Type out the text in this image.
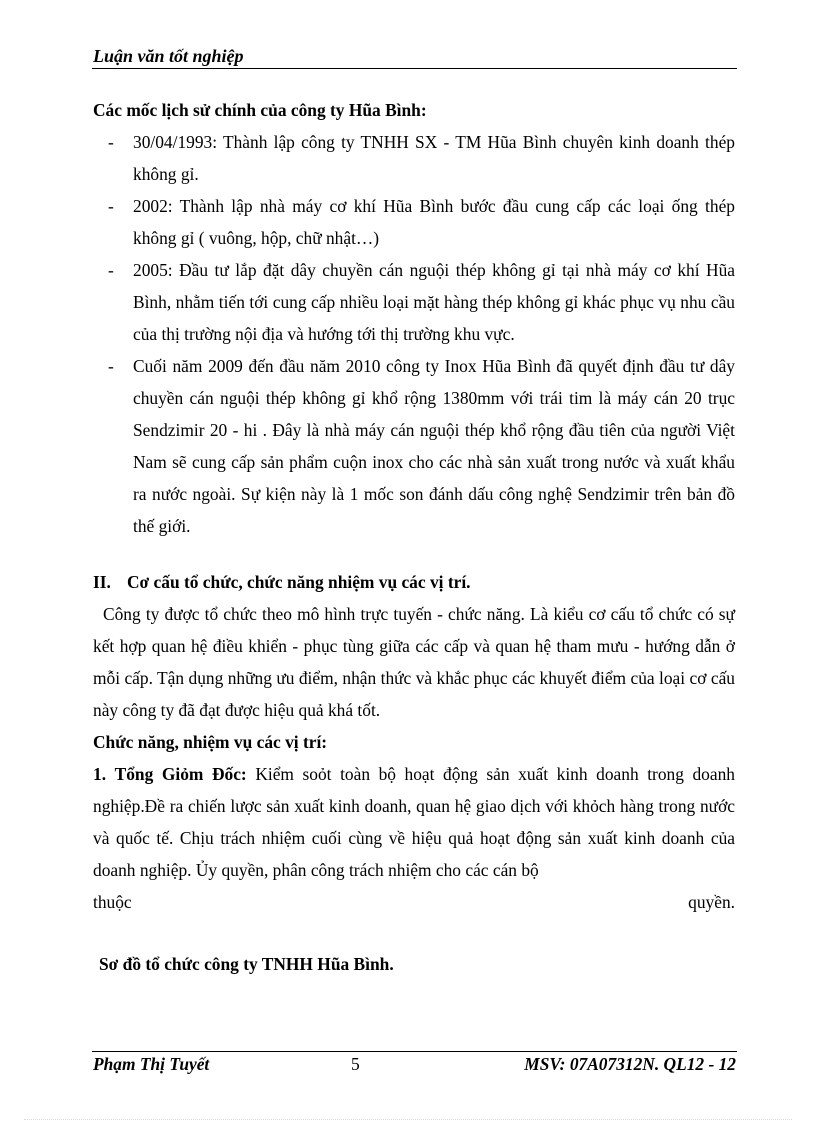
Luận văn tốt nghiệp

Các mốc lịch sử chính của công ty Hũa Bình:

- 30/04/1993: Thành lập công ty TNHH SX - TM Hũa Bình chuyên kinh doanh thép không gỉ.
- 2002: Thành lập nhà máy cơ khí Hũa Bình bước đầu cung cấp các loại ống thép không gỉ ( vuông, hộp, chữ nhật…)
- 2005: Đầu tư lắp đặt dây chuyền cán nguội thép không gỉ tại nhà máy cơ khí Hũa Bình, nhằm tiến tới cung cấp nhiều loại mặt hàng thép không gỉ khác phục vụ nhu cầu của thị trường nội địa và hướng tới thị trường khu vực.
- Cuối năm 2009 đến đầu năm 2010 công ty Inox Hũa Bình đã quyết định đầu tư dây chuyền cán nguội thép không gỉ khổ rộng 1380mm với trái tim là máy cán 20 trục Sendzimir 20 - hi . Đây là nhà máy cán nguội thép khổ rộng đầu tiên của người Việt Nam sẽ cung cấp sản phẩm cuộn inox cho các nhà sản xuất trong nước và xuất khẩu ra nước ngoài. Sự kiện này là 1 mốc son đánh dấu công nghệ Sendzimir trên bản đồ thế giới.

II. Cơ cấu tổ chức, chức năng nhiệm vụ các vị trí.

Công ty được tổ chức theo mô hình trực tuyến - chức năng. Là kiểu cơ cấu tổ chức có sự kết hợp quan hệ điều khiển - phục tùng giữa các cấp và quan hệ tham mưu - hướng dẫn ở mỗi cấp. Tận dụng những ưu điểm, nhận thức và khắc phục các khuyết điểm của loại cơ cấu này công ty đã đạt được hiệu quả khá tốt.

Chức năng, nhiệm vụ các vị trí:

1. Tổng Giỏm Đốc: Kiểm soỏt toàn bộ hoạt động sản xuất kinh doanh trong doanh nghiệp.Đề ra chiến lược sản xuất kinh doanh, quan hệ giao dịch với khỏch hàng trong nước và quốc tế. Chịu trách nhiệm cuối cùng về hiệu quả hoạt động sản xuất kinh doanh của doanh nghiệp. Ủy quyền, phân công trách nhiệm cho các cán bộ

thuộc	quyền.

Sơ đồ tổ chức công ty TNHH Hũa Bình.

Phạm Thị Tuyết	5	MSV: 07A07312N. QL12 - 12
